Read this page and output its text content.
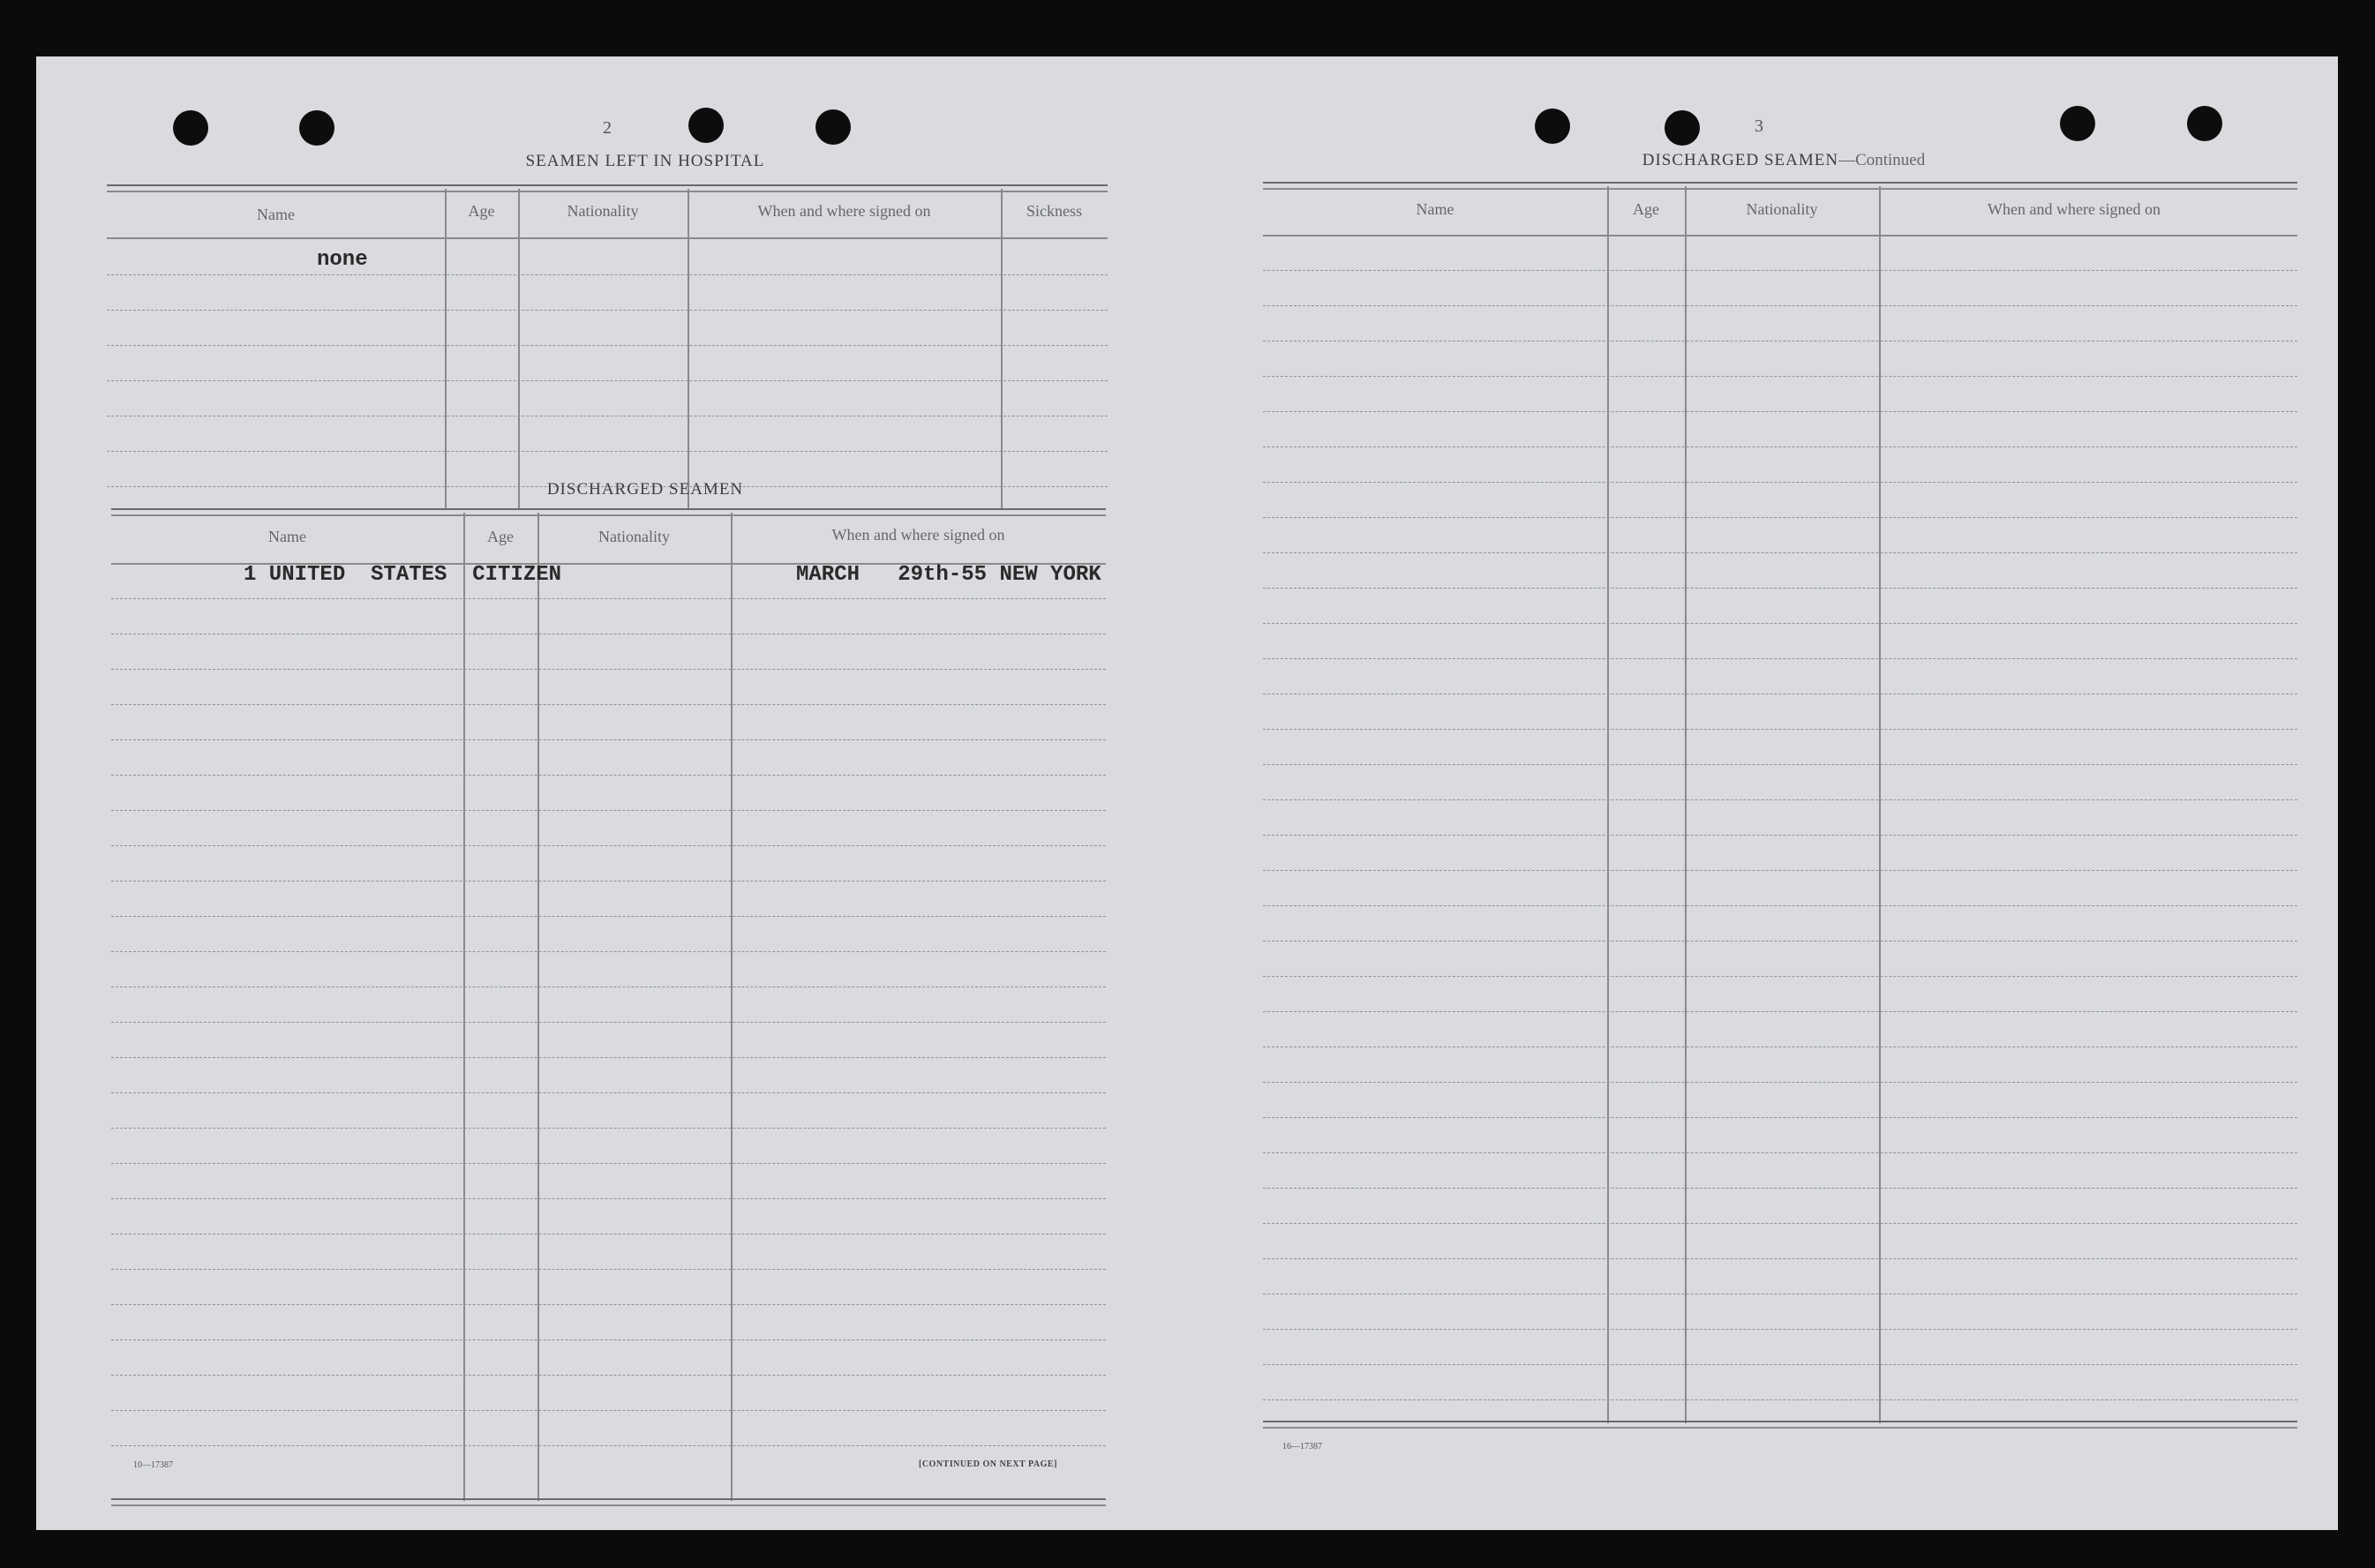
2
SEAMEN LEFT IN HOSPITAL
Name	Age	Nationality	When and where signed on	Sickness
none
DISCHARGED SEAMEN
Name	Age	Nationality	When and where signed on
1 UNITED  STATES  CITIZEN	MARCH   29th-55 NEW YORK
10—17387	[CONTINUED ON NEXT PAGE]
3
DISCHARGED SEAMEN—Continued
Name	Age	Nationality	When and where signed on
16—17387
